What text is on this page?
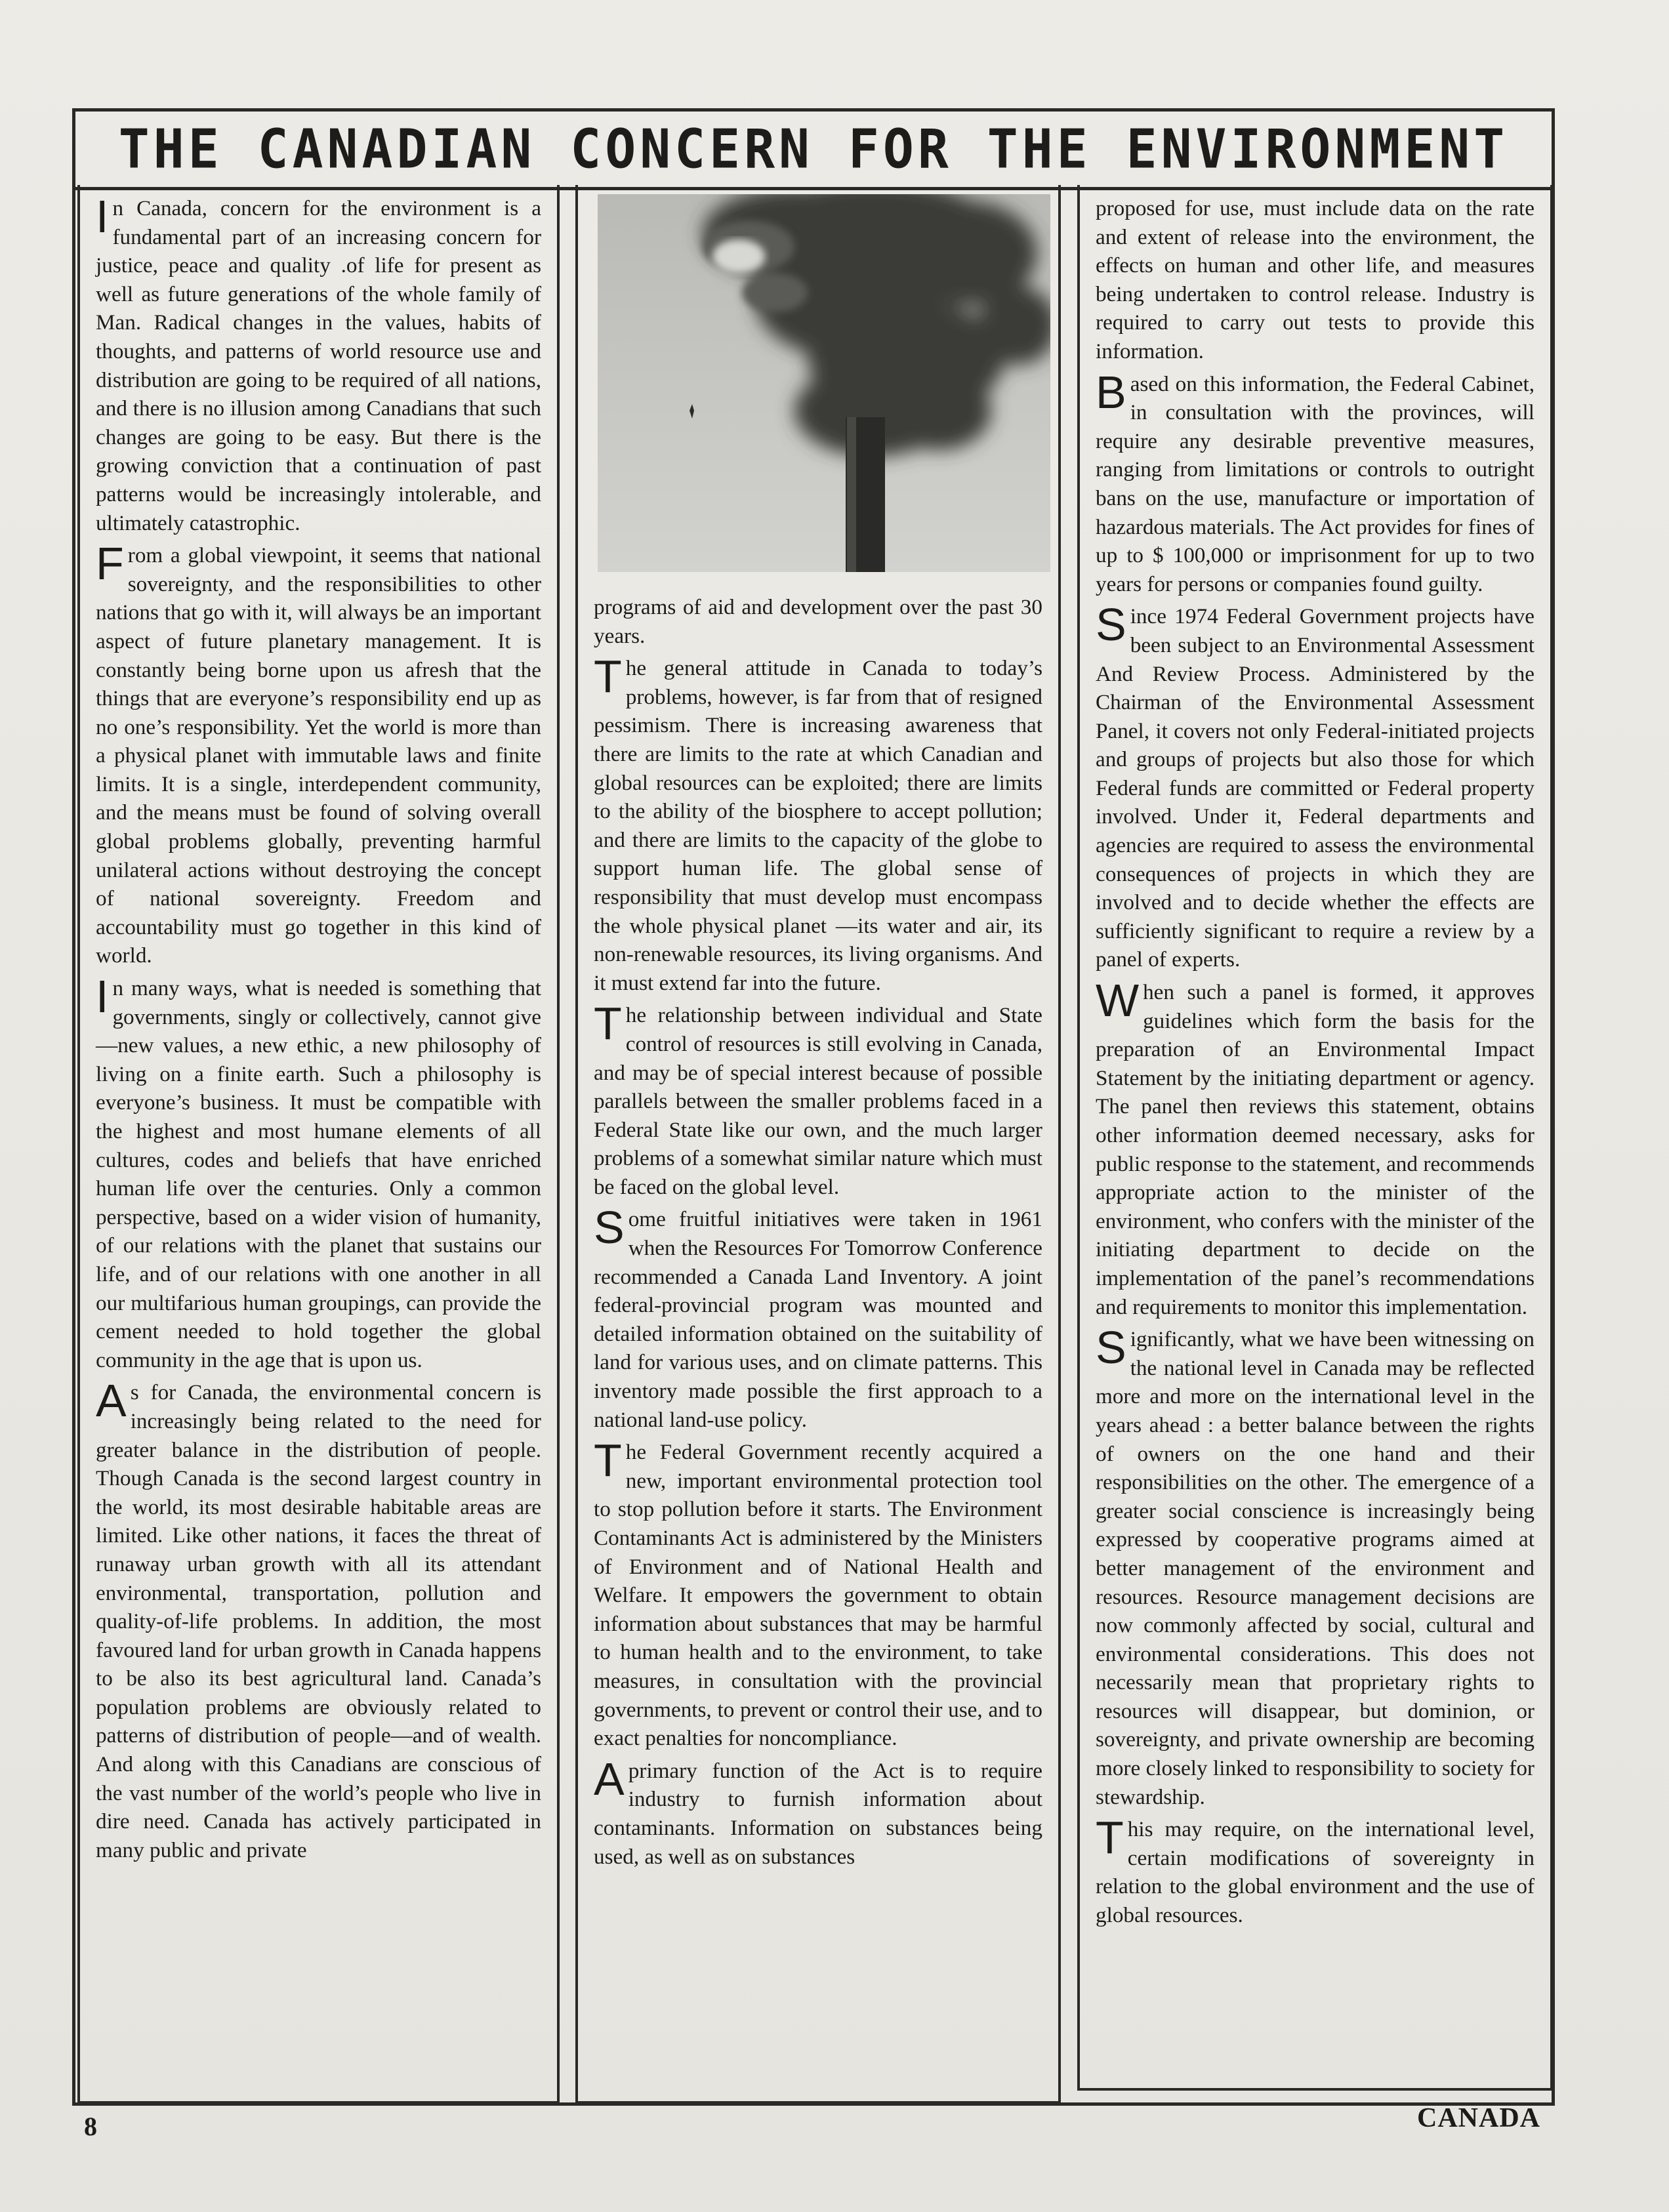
THE CANADIAN CONCERN FOR THE ENVIRONMENT

In Canada, concern for the environment is a fundamental part of an increasing concern for justice, peace and quality .of life for present as well as future generations of the whole family of Man. Radical changes in the values, habits of thoughts, and patterns of world resource use and distribution are going to be required of all nations, and there is no illusion among Canadians that such changes are going to be easy. But there is the growing conviction that a continuation of past patterns would be increasingly intolerable, and ultimately catastrophic.

From a global viewpoint, it seems that national sovereignty, and the responsibilities to other nations that go with it, will always be an important aspect of future planetary management. It is constantly being borne upon us afresh that the things that are everyone’s responsibility end up as no one’s responsibility. Yet the world is more than a physical planet with immutable laws and finite limits. It is a single, interdependent community, and the means must be found of solving overall global problems globally, preventing harmful unilateral actions without destroying the concept of national sovereignty. Freedom and accountability must go together in this kind of world.

In many ways, what is needed is something that governments, singly or collectively, cannot give—new values, a new ethic, a new philosophy of living on a finite earth. Such a philosophy is everyone’s business. It must be compatible with the highest and most humane elements of all cultures, codes and beliefs that have enriched human life over the centuries. Only a common perspective, based on a wider vision of humanity, of our relations with the planet that sustains our life, and of our relations with one another in all our multifarious human groupings, can provide the cement needed to hold together the global community in the age that is upon us.

As for Canada, the environmental concern is increasingly being related to the need for greater balance in the distribution of people. Though Canada is the second largest country in the world, its most desirable habitable areas are limited. Like other nations, it faces the threat of runaway urban growth with all its attendant environmental, transportation, pollution and quality-of-life problems. In addition, the most favoured land for urban growth in Canada happens to be also its best agricultural land. Canada’s population problems are obviously related to patterns of distribution of people—and of wealth. And along with this Canadians are conscious of the vast number of the world’s people who live in dire need. Canada has actively participated in many public and private

programs of aid and development over the past 30 years.

The general attitude in Canada to today’s problems, however, is far from that of resigned pessimism. There is increasing awareness that there are limits to the rate at which Canadian and global resources can be exploited; there are limits to the ability of the biosphere to accept pollution; and there are limits to the capacity of the globe to support human life. The global sense of responsibility that must develop must encompass the whole physical planet —its water and air, its non-renewable resources, its living organisms. And it must extend far into the future.

The relationship between individual and State control of resources is still evolving in Canada, and may be of special interest because of possible parallels between the smaller problems faced in a Federal State like our own, and the much larger problems of a somewhat similar nature which must be faced on the global level.

Some fruitful initiatives were taken in 1961 when the Resources For Tomorrow Conference recommended a Canada Land Inventory. A joint federal-provincial program was mounted and detailed information obtained on the suitability of land for various uses, and on climate patterns. This inventory made possible the first approach to a national land-use policy.

The Federal Government recently acquired a new, important environmental protection tool to stop pollution before it starts. The Environment Contaminants Act is administered by the Ministers of Environment and of National Health and Welfare. It empowers the government to obtain information about substances that may be harmful to human health and to the environment, to take measures, in consultation with the provincial governments, to prevent or control their use, and to exact penalties for noncompliance.

A primary function of the Act is to require industry to furnish information about contaminants. Information on substances being used, as well as on substances

proposed for use, must include data on the rate and extent of release into the environment, the effects on human and other life, and measures being undertaken to control release. Industry is required to carry out tests to provide this information.

Based on this information, the Federal Cabinet, in consultation with the provinces, will require any desirable preventive measures, ranging from limitations or controls to outright bans on the use, manufacture or importation of hazardous materials. The Act provides for fines of up to $ 100,000 or imprisonment for up to two years for persons or companies found guilty.

Since 1974 Federal Government projects have been subject to an Environmental Assessment And Review Process. Administered by the Chairman of the Environmental Assessment Panel, it covers not only Federal-initiated projects and groups of projects but also those for which Federal funds are committed or Federal property involved. Under it, Federal departments and agencies are required to assess the environmental consequences of projects in which they are involved and to decide whether the effects are sufficiently significant to require a review by a panel of experts.

When such a panel is formed, it approves guidelines which form the basis for the preparation of an Environmental Impact Statement by the initiating department or agency. The panel then reviews this statement, obtains other information deemed necessary, asks for public response to the statement, and recommends appropriate action to the minister of the environment, who confers with the minister of the initiating department to decide on the implementation of the panel’s recommendations and requirements to monitor this implementation.

Significantly, what we have been witnessing on the national level in Canada may be reflected more and more on the international level in the years ahead : a better balance between the rights of owners on the one hand and their responsibilities on the other. The emergence of a greater social conscience is increasingly being expressed by cooperative programs aimed at better management of the environment and resources. Resource management decisions are now commonly affected by social, cultural and environmental considerations. This does not necessarily mean that proprietary rights to resources will disappear, but dominion, or sovereignty, and private ownership are becoming more closely linked to responsibility to society for stewardship.

This may require, on the international level, certain modifications of sovereignty in relation to the global environment and the use of global resources.

8	CANADA
